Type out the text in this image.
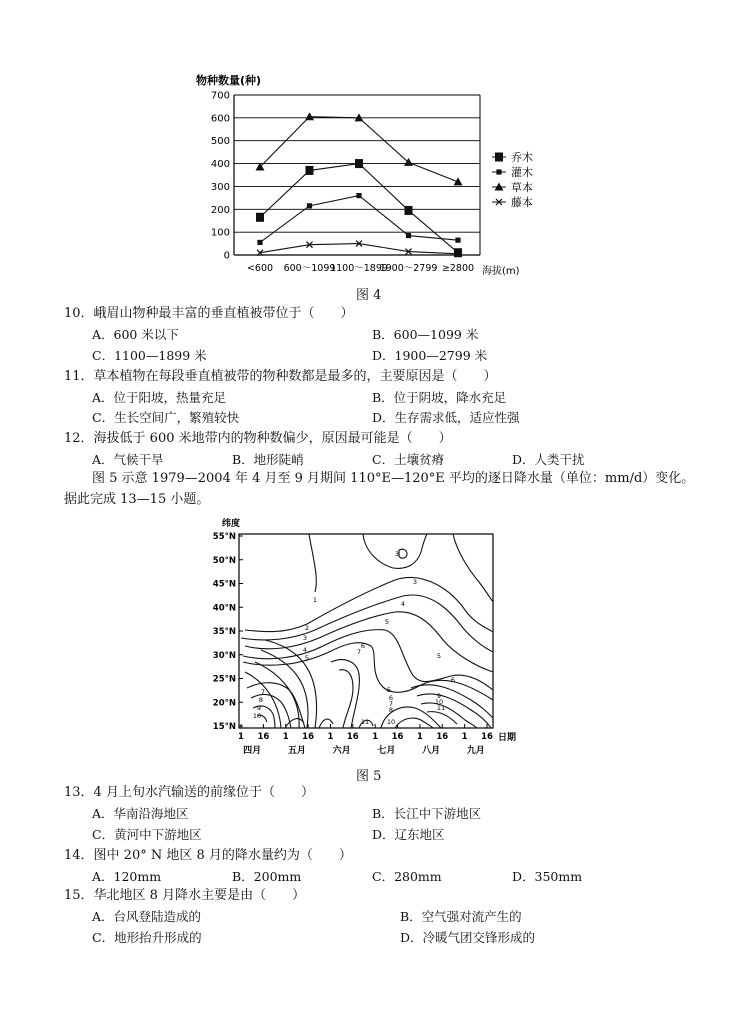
物种数量(种)
0
100
200
300
400
500
600
700
<600 600～1099
1100～1899
1900～2799 ≥2800 海拔(m)
乔木
灌木
草本
藤本
图 4
10．峨眉山物种最丰富的垂直植被带位于（　　）
A．600 米以下	B．600—1099 米
C．1100—1899 米	D．1900—2799 米
11．草本植物在每段垂直植被带的物种数都是最多的，主要原因是（　　）
A．位于阳坡，热量充足	B．位于阴坡，降水充足
C．生长空间广，繁殖较快	D．生存需求低，适应性强
12．海拔低于 600 米地带内的物种数偏少，原因最可能是（　　）
A．气候干旱	B．地形陡峭	C．土壤贫瘠	D．人类干扰
图 5 示意 1979—2004 年 4 月至 9 月期间 110°E—120°E 平均的逐日降水量（单位：mm/d）变化。
据此完成 13—15 小题。
纬度
55°N
50°N
45°N
40°N
35°N
30°N
25°N
20°N
15°N
1 16 1 16 1 16 1 16 1 16 1 16
四月	五月	六月	七月	八月	九月
日期
1
2
3
4
5
3
4
5
6
7
7
8
9
10
5
6
7
8
9
10
11
11	10
6
5
3
图 5
13．4 月上旬水汽输送的前缘位于（　　）
A．华南沿海地区	B．长江中下游地区
C．黄河中下游地区	D．辽东地区
14．图中 20° N 地区 8 月的降水量约为（　　）
A．120mm	B．200mm	C．280mm	D．350mm
15．华北地区 8 月降水主要是由（　　）
A．台风登陆造成的	B．空气强对流产生的
C．地形抬升形成的	D．冷暖气团交锋形成的
